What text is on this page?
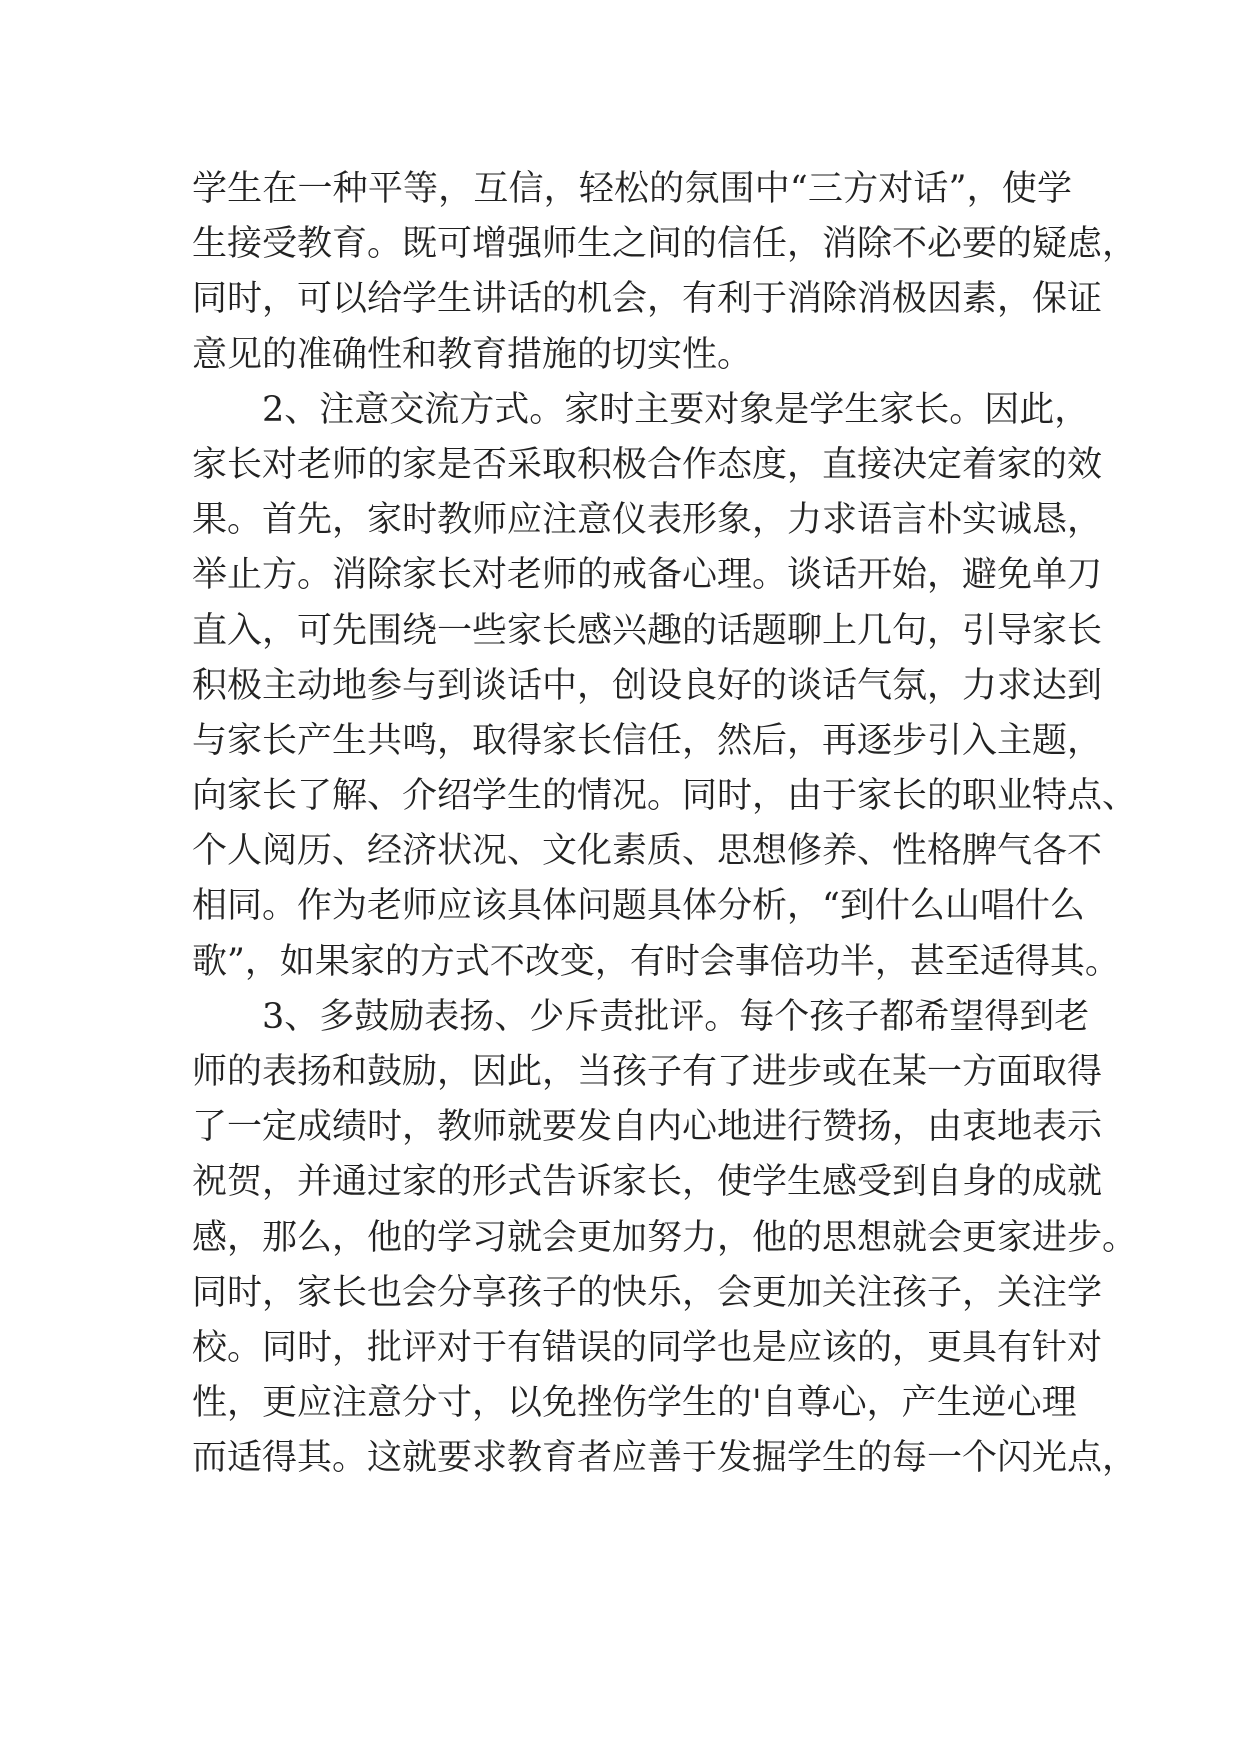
学生在一种平等，互信，轻松的氛围中“三方对话”，使学
生接受教育。既可增强师生之间的信任，消除不必要的疑虑，
同时，可以给学生讲话的机会，有利于消除消极因素，保证
意见的准确性和教育措施的切实性。
2、注意交流方式。家时主要对象是学生家长。因此，
家长对老师的家是否采取积极合作态度，直接决定着家的效
果。首先，家时教师应注意仪表形象，力求语言朴实诚恳，
举止方。消除家长对老师的戒备心理。谈话开始，避免单刀
直入，可先围绕一些家长感兴趣的话题聊上几句，引导家长
积极主动地参与到谈话中，创设良好的谈话气氛，力求达到
与家长产生共鸣，取得家长信任，然后，再逐步引入主题，
向家长了解、介绍学生的情况。同时，由于家长的职业特点、
个人阅历、经济状况、文化素质、思想修养、性格脾气各不
相同。作为老师应该具体问题具体分析，“到什么山唱什么
歌”，如果家的方式不改变，有时会事倍功半，甚至适得其。
3、多鼓励表扬、少斥责批评。每个孩子都希望得到老
师的表扬和鼓励，因此，当孩子有了进步或在某一方面取得
了一定成绩时，教师就要发自内心地进行赞扬，由衷地表示
祝贺，并通过家的形式告诉家长，使学生感受到自身的成就
感，那么，他的学习就会更加努力，他的思想就会更家进步。
同时，家长也会分享孩子的快乐，会更加关注孩子，关注学
校。同时，批评对于有错误的同学也是应该的，更具有针对
性，更应注意分寸，以免挫伤学生的'自尊心，产生逆心理
而适得其。这就要求教育者应善于发掘学生的每一个闪光点，
